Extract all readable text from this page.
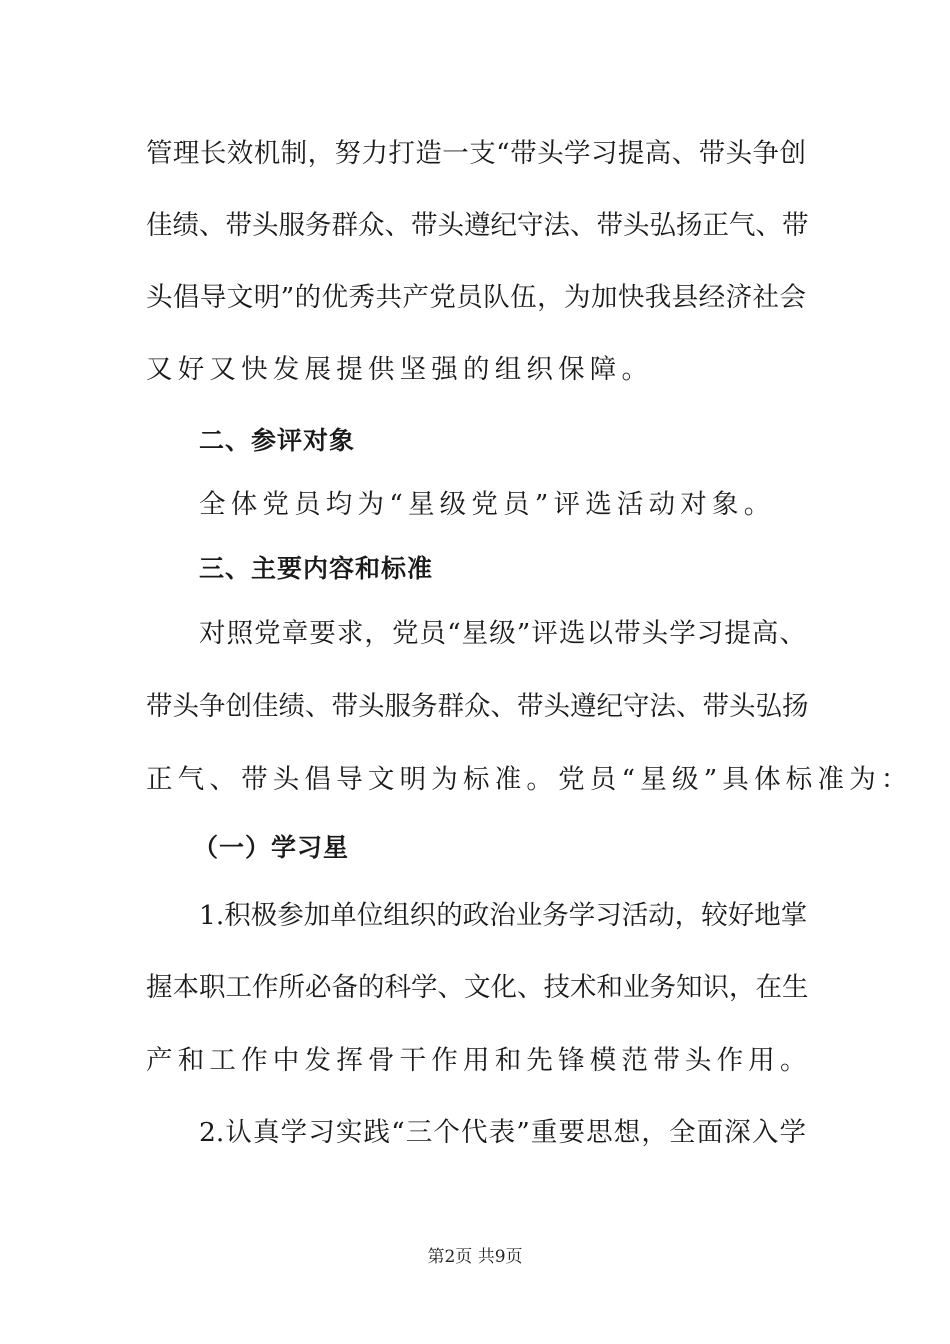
管理长效机制，努力打造一支“带头学习提高、带头争创
佳绩、带头服务群众、带头遵纪守法、带头弘扬正气、带
头倡导文明”的优秀共产党员队伍，为加快我县经济社会
又好又快发展提供坚强的组织保障。
二、参评对象
全体党员均为“星级党员”评选活动对象。
三、主要内容和标准
对照党章要求，党员“星级”评选以带头学习提高、
带头争创佳绩、带头服务群众、带头遵纪守法、带头弘扬
正气、带头倡导文明为标准。党员“星级”具体标准为：
（一）学习星
1.积极参加单位组织的政治业务学习活动，较好地掌
握本职工作所必备的科学、文化、技术和业务知识，在生
产和工作中发挥骨干作用和先锋模范带头作用。
2.认真学习实践“三个代表”重要思想，全面深入学
第2页 共9页
